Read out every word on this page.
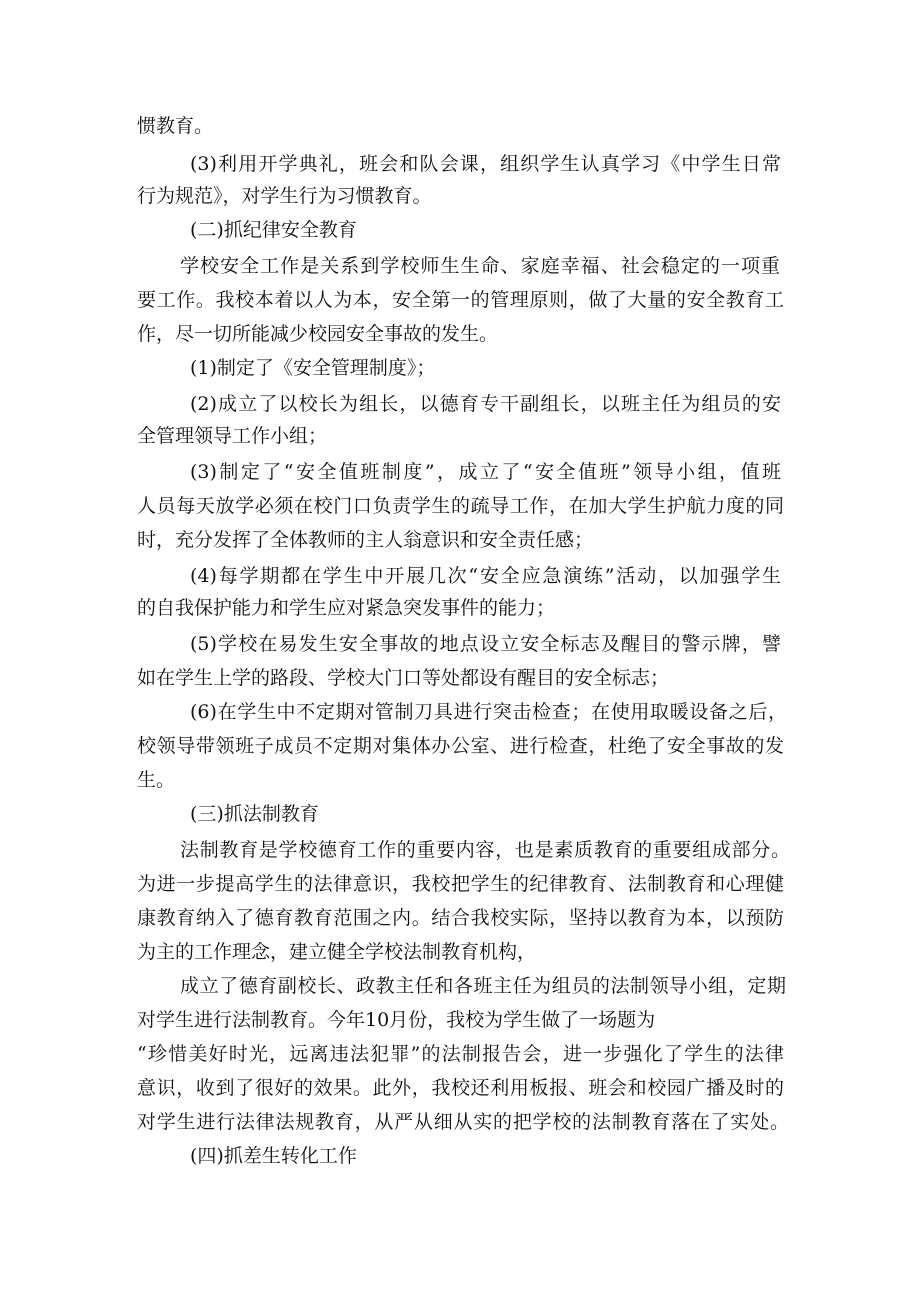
惯教育。
(3)利用开学典礼，班会和队会课，组织学生认真学习《中学生日常
行为规范》，对学生行为习惯教育。
(二)抓纪律安全教育
学校安全工作是关系到学校师生生命、家庭幸福、社会稳定的一项重
要工作。我校本着以人为本，安全第一的管理原则，做了大量的安全教育工
作，尽一切所能减少校园安全事故的发生。
(1)制定了《安全管理制度》；
(2)成立了以校长为组长，以德育专干副组长，以班主任为组员的安
全管理领导工作小组；
(3)制定了“安全值班制度”，成立了“安全值班”领导小组，值班
人员每天放学必须在校门口负责学生的疏导工作，在加大学生护航力度的同
时，充分发挥了全体教师的主人翁意识和安全责任感；
(4)每学期都在学生中开展几次“安全应急演练”活动，以加强学生
的自我保护能力和学生应对紧急突发事件的能力；
(5)学校在易发生安全事故的地点设立安全标志及醒目的警示牌，譬
如在学生上学的路段、学校大门口等处都设有醒目的安全标志；
(6)在学生中不定期对管制刀具进行突击检查；在使用取暖设备之后，
校领导带领班子成员不定期对集体办公室、进行检查，杜绝了安全事故的发
生。
(三)抓法制教育
法制教育是学校德育工作的重要内容，也是素质教育的重要组成部分。
为进一步提高学生的法律意识，我校把学生的纪律教育、法制教育和心理健
康教育纳入了德育教育范围之内。结合我校实际，坚持以教育为本，以预防
为主的工作理念，建立健全学校法制教育机构，
成立了德育副校长、政教主任和各班主任为组员的法制领导小组，定期
对学生进行法制教育。今年10月份，我校为学生做了一场题为
“珍惜美好时光，远离违法犯罪”的法制报告会，进一步强化了学生的法律
意识，收到了很好的效果。此外，我校还利用板报、班会和校园广播及时的
对学生进行法律法规教育，从严从细从实的把学校的法制教育落在了实处。
(四)抓差生转化工作
